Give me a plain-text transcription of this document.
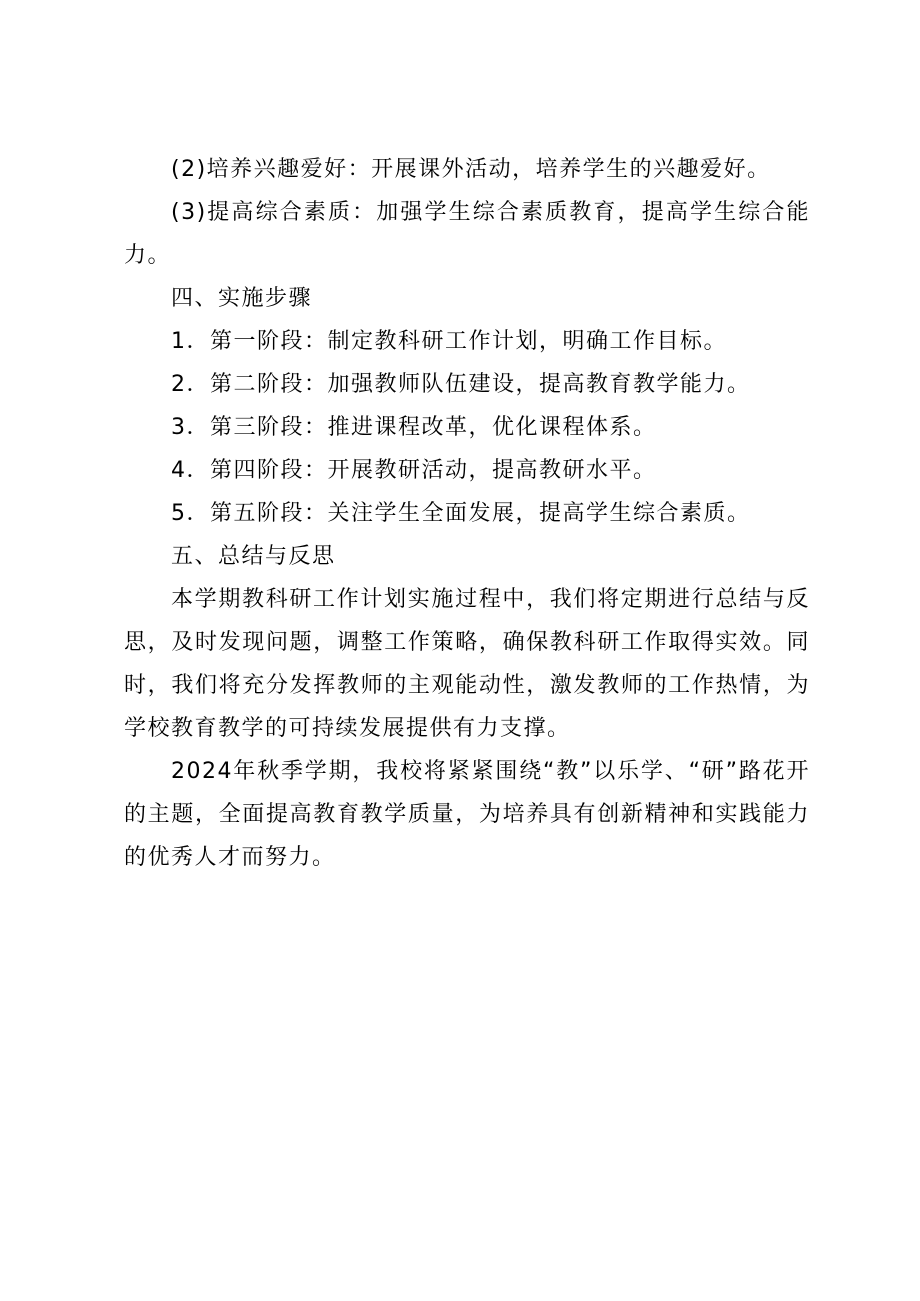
(2)培养兴趣爱好：开展课外活动，培养学生的兴趣爱好。

(3)提高综合素质：加强学生综合素质教育，提高学生综合能力。

四、实施步骤

1．第一阶段：制定教科研工作计划，明确工作目标。

2．第二阶段：加强教师队伍建设，提高教育教学能力。

3．第三阶段：推进课程改革，优化课程体系。

4．第四阶段：开展教研活动，提高教研水平。

5．第五阶段：关注学生全面发展，提高学生综合素质。

五、总结与反思

本学期教科研工作计划实施过程中，我们将定期进行总结与反思，及时发现问题，调整工作策略，确保教科研工作取得实效。同时，我们将充分发挥教师的主观能动性，激发教师的工作热情，为学校教育教学的可持续发展提供有力支撑。

2024年秋季学期，我校将紧紧围绕“教”以乐学、“研”路花开的主题，全面提高教育教学质量，为培养具有创新精神和实践能力的优秀人才而努力。
